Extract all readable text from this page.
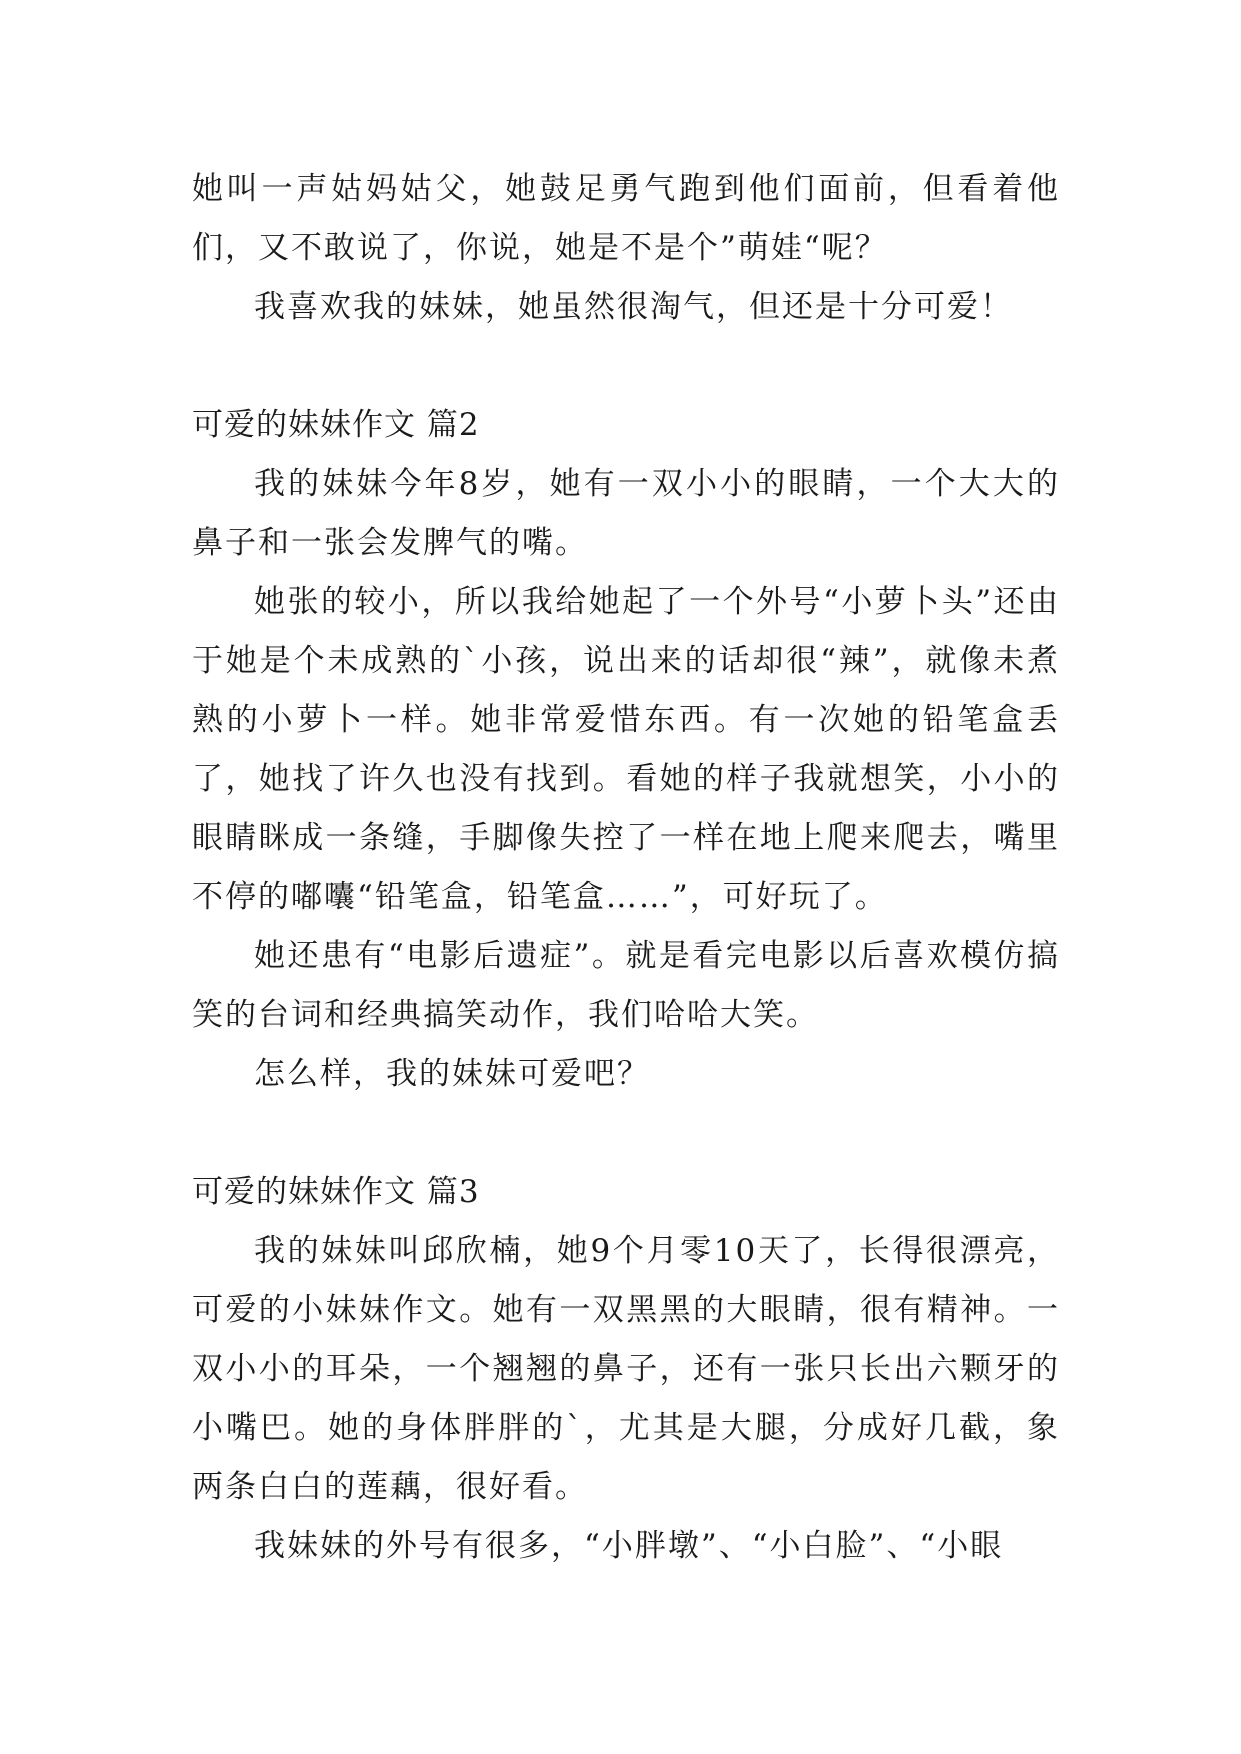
她叫一声姑妈姑父，她鼓足勇气跑到他们面前，但看着他们，又不敢说了，你说，她是不是个”萌娃“呢？

我喜欢我的妹妹，她虽然很淘气，但还是十分可爱！

可爱的妹妹作文 篇2

我的妹妹今年8岁，她有一双小小的眼睛，一个大大的鼻子和一张会发脾气的嘴。

她张的较小，所以我给她起了一个外号“小萝卜头”还由于她是个未成熟的`小孩，说出来的话却很“辣”，就像未煮熟的小萝卜一样。她非常爱惜东西。有一次她的铅笔盒丢了，她找了许久也没有找到。看她的样子我就想笑，小小的眼睛眯成一条缝，手脚像失控了一样在地上爬来爬去，嘴里不停的嘟囔“铅笔盒，铅笔盒……”，可好玩了。

她还患有“电影后遗症”。就是看完电影以后喜欢模仿搞笑的台词和经典搞笑动作，我们哈哈大笑。

怎么样，我的妹妹可爱吧？

可爱的妹妹作文 篇3

我的妹妹叫邱欣楠，她9个月零10天了，长得很漂亮，可爱的小妹妹作文。她有一双黑黑的大眼睛，很有精神。一双小小的耳朵，一个翘翘的鼻子，还有一张只长出六颗牙的小嘴巴。她的身体胖胖的`，尤其是大腿，分成好几截，象两条白白的莲藕，很好看。

我妹妹的外号有很多，“小胖墩”、“小白脸”、“小眼
